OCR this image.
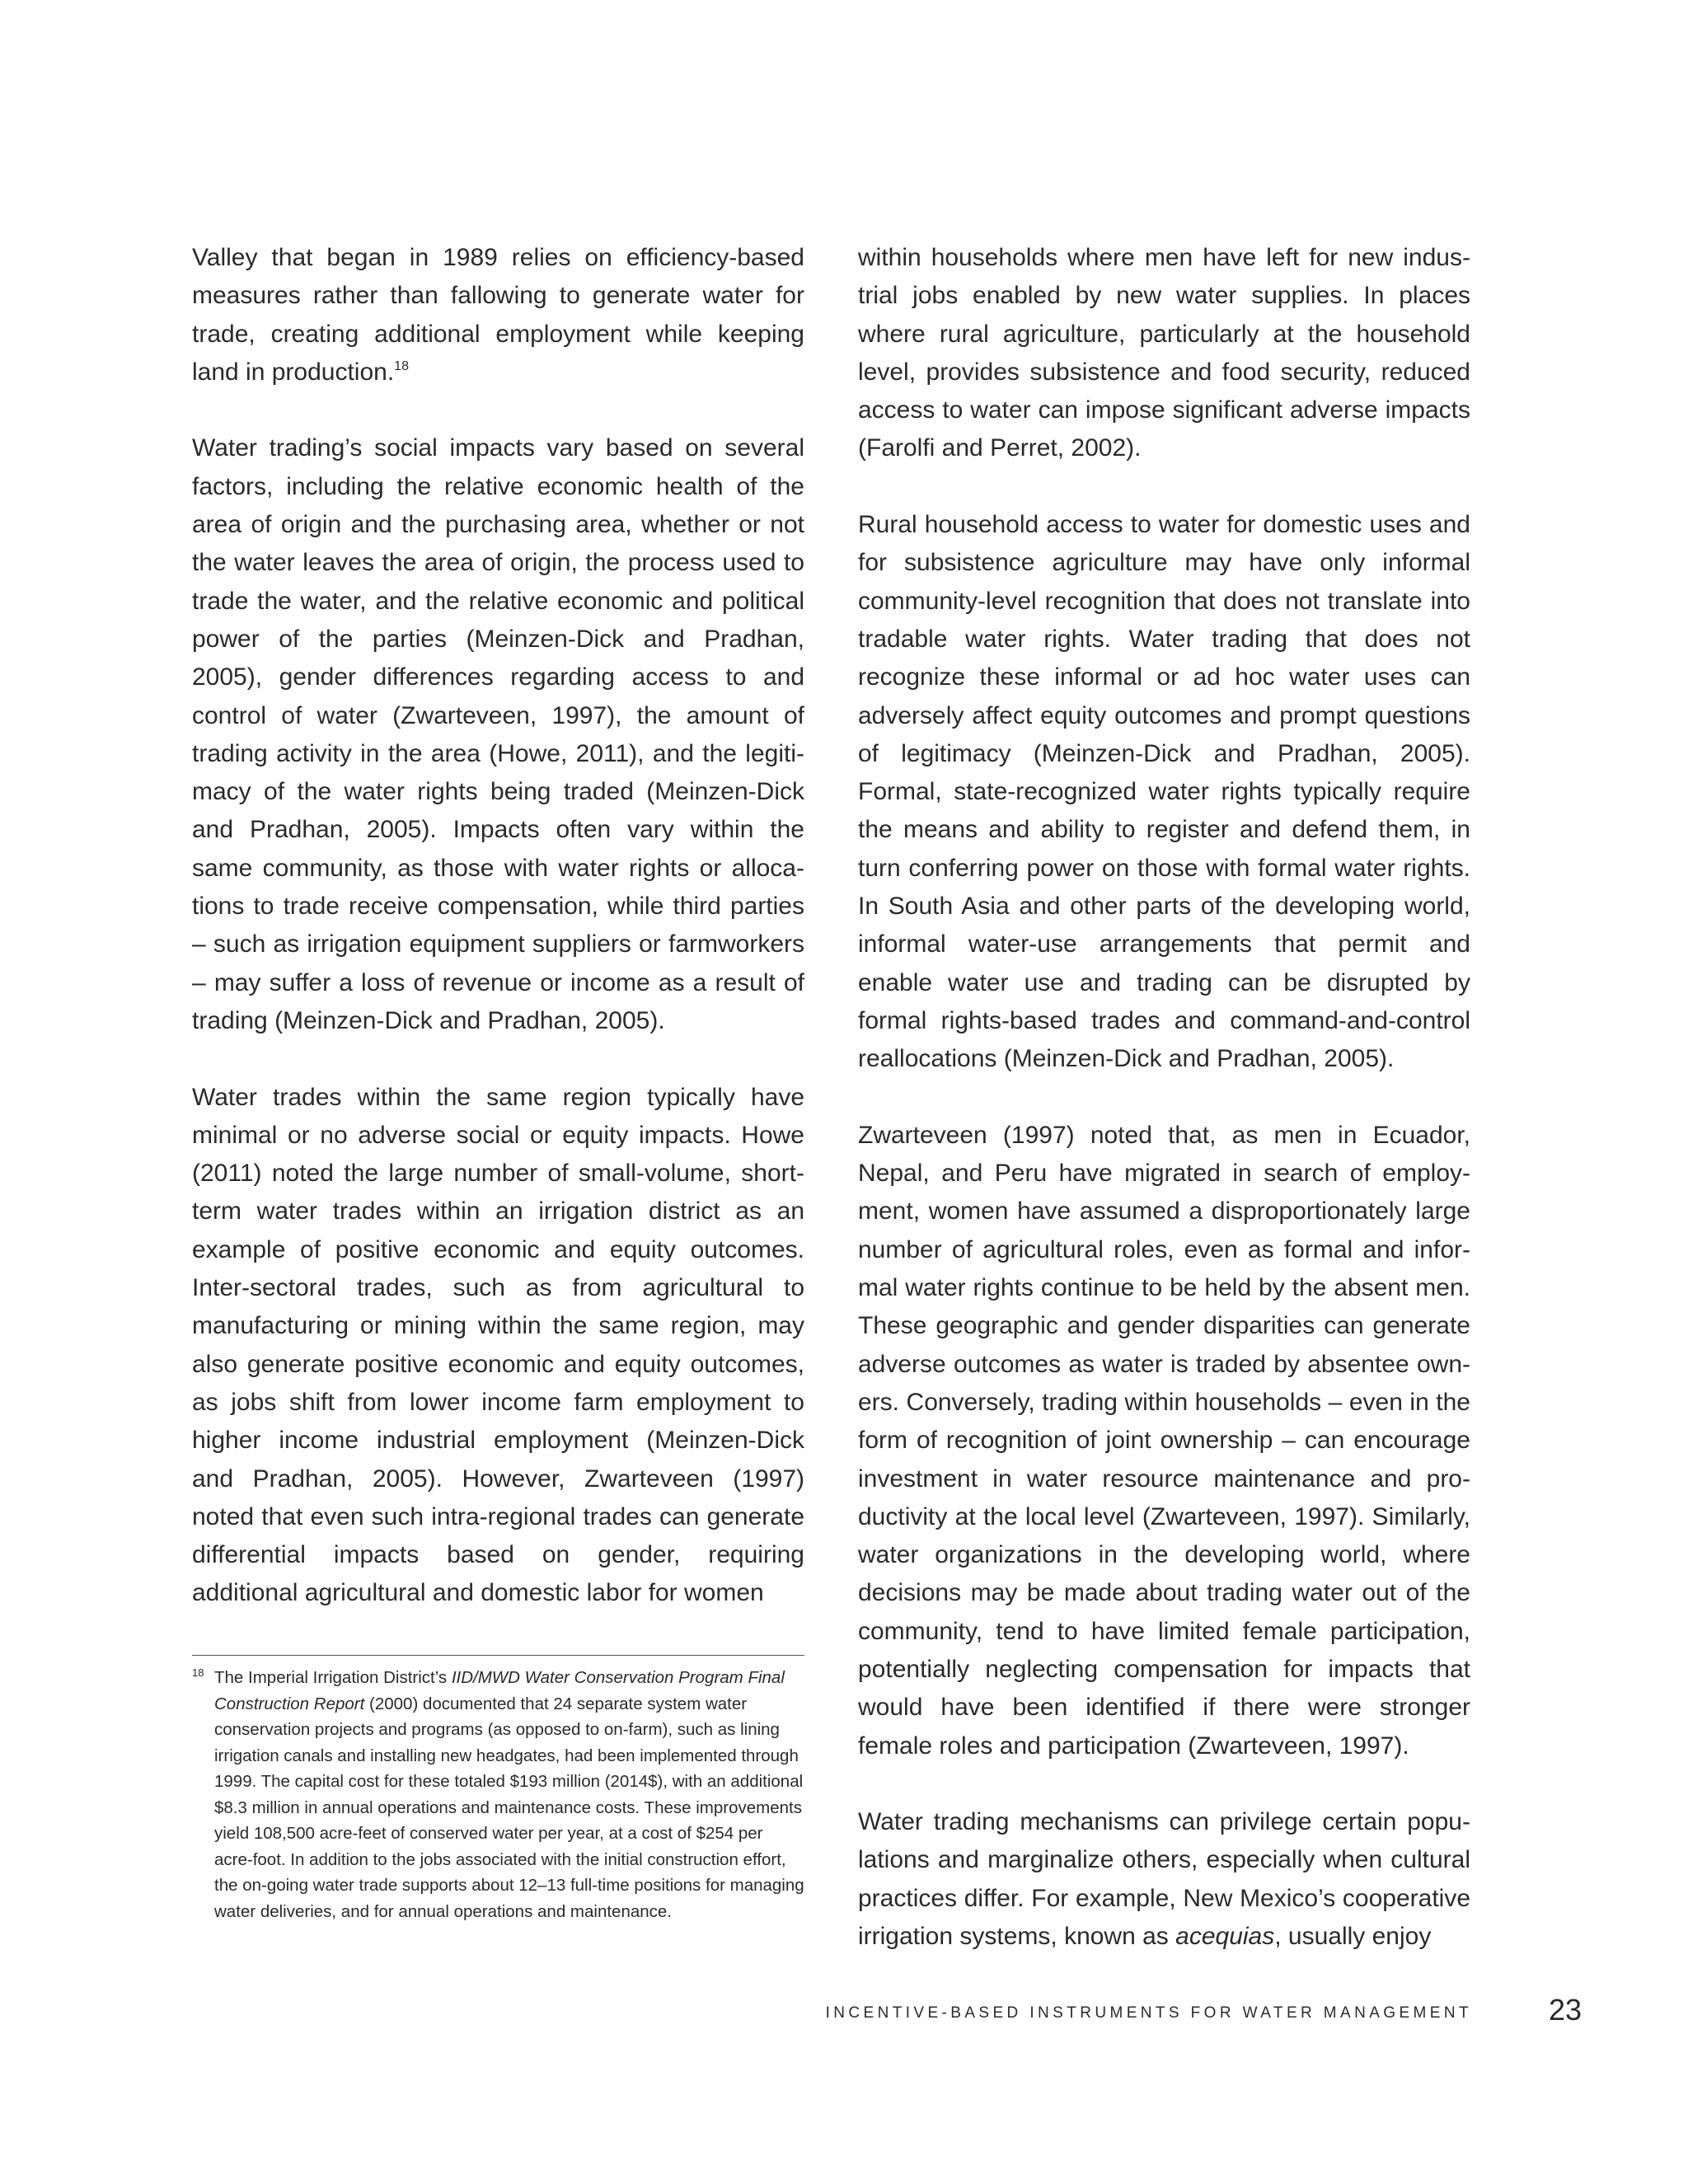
Valley that began in 1989 relies on efficiency-based measures rather than fallowing to generate water for trade, creating additional employment while keeping land in production.$^{18}$

Water trading’s social impacts vary based on several factors, including the relative economic health of the area of origin and the purchasing area, whether or not the water leaves the area of origin, the process used to trade the water, and the relative economic and political power of the parties (Meinzen-Dick and Pradhan, 2005), gender differences regarding access to and control of water (Zwarteveen, 1997), the amount of trading activity in the area (Howe, 2011), and the legitimacy of the water rights being traded (Meinzen-Dick and Pradhan, 2005). Impacts often vary within the same community, as those with water rights or allocations to trade receive compensation, while third parties – such as irrigation equipment suppliers or farmworkers – may suffer a loss of revenue or income as a result of trading (Meinzen-Dick and Pradhan, 2005).

Water trades within the same region typically have minimal or no adverse social or equity impacts. Howe (2011) noted the large number of small-volume, short-term water trades within an irrigation district as an example of positive economic and equity outcomes. Inter-sectoral trades, such as from agricultural to manufacturing or mining within the same region, may also generate positive economic and equity outcomes, as jobs shift from lower income farm employment to higher income industrial employment (Meinzen-Dick and Pradhan, 2005). However, Zwarteveen (1997) noted that even such intra-regional trades can generate differential impacts based on gender, requiring additional agricultural and domestic labor for women

within households where men have left for new industrial jobs enabled by new water supplies. In places where rural agriculture, particularly at the household level, provides subsistence and food security, reduced access to water can impose significant adverse impacts (Farolfi and Perret, 2002).

Rural household access to water for domestic uses and for subsistence agriculture may have only informal community-level recognition that does not translate into tradable water rights. Water trading that does not recognize these informal or ad hoc water uses can adversely affect equity outcomes and prompt questions of legitimacy (Meinzen-Dick and Pradhan, 2005). Formal, state-recognized water rights typically require the means and ability to register and defend them, in turn conferring power on those with formal water rights. In South Asia and other parts of the developing world, informal water-use arrangements that permit and enable water use and trading can be disrupted by formal rights-based trades and command-and-control reallocations (Meinzen-Dick and Pradhan, 2005).

Zwarteveen (1997) noted that, as men in Ecuador, Nepal, and Peru have migrated in search of employment, women have assumed a disproportionately large number of agricultural roles, even as formal and informal water rights continue to be held by the absent men. These geographic and gender disparities can generate adverse outcomes as water is traded by absentee owners. Conversely, trading within households – even in the form of recognition of joint ownership – can encourage investment in water resource maintenance and productivity at the local level (Zwarteveen, 1997). Similarly, water organizations in the developing world, where decisions may be made about trading water out of the community, tend to have limited female participation, potentially neglecting compensation for impacts that would have been identified if there were stronger female roles and participation (Zwarteveen, 1997).

Water trading mechanisms can privilege certain populations and marginalize others, especially when cultural practices differ. For example, New Mexico’s cooperative irrigation systems, known as acequias, usually enjoy

18 The Imperial Irrigation District’s IID/MWD Water Conservation Program Final Construction Report (2000) documented that 24 separate system water conservation projects and programs (as opposed to on-farm), such as lining irrigation canals and installing new headgates, had been implemented through 1999. The capital cost for these totaled $193 million (2014$), with an additional $8.3 million in annual operations and maintenance costs. These improvements yield 108,500 acre-feet of conserved water per year, at a cost of $254 per acre-foot. In addition to the jobs associated with the initial construction effort, the on-going water trade supports about 12–13 full-time positions for managing water deliveries, and for annual operations and maintenance.
INCENTIVE-BASED INSTRUMENTS FOR WATER MANAGEMENT	23
